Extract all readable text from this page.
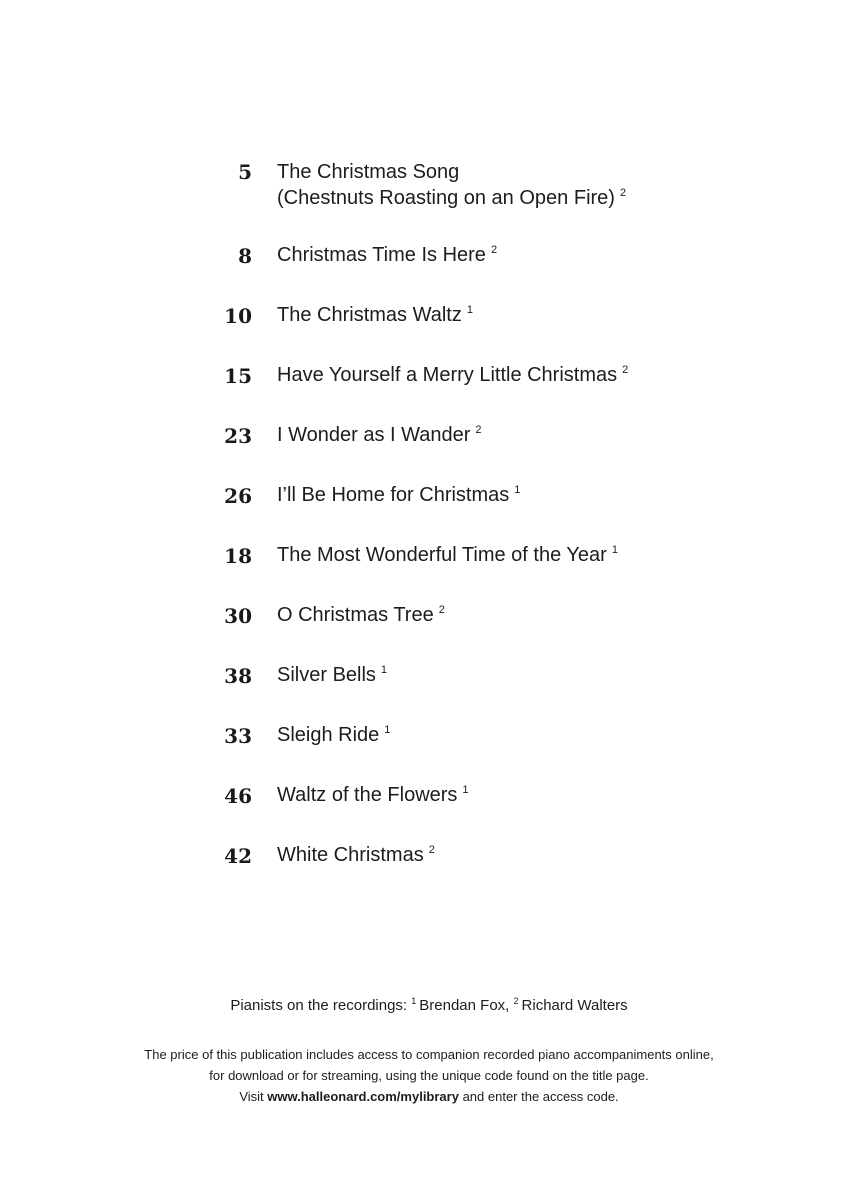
5 The Christmas Song
(Chestnuts Roasting on an Open Fire) $^2$
8 Christmas Time Is Here $^2$
10 The Christmas Waltz $^1$
15 Have Yourself a Merry Little Christmas $^2$
23 I Wonder as I Wander $^2$
26 I’ll Be Home for Christmas $^1$
18 The Most Wonderful Time of the Year $^1$
30 O Christmas Tree $^2$
38 Silver Bells $^1$
33 Sleigh Ride $^1$
46 Waltz of the Flowers $^1$
42 White Christmas $^2$
Pianists on the recordings: $^1$ Brendan Fox, $^2$ Richard Walters
The price of this publication includes access to companion recorded piano accompaniments online,
for download or for streaming, using the unique code found on the title page.
Visit www.halleonard.com/mylibrary and enter the access code.
